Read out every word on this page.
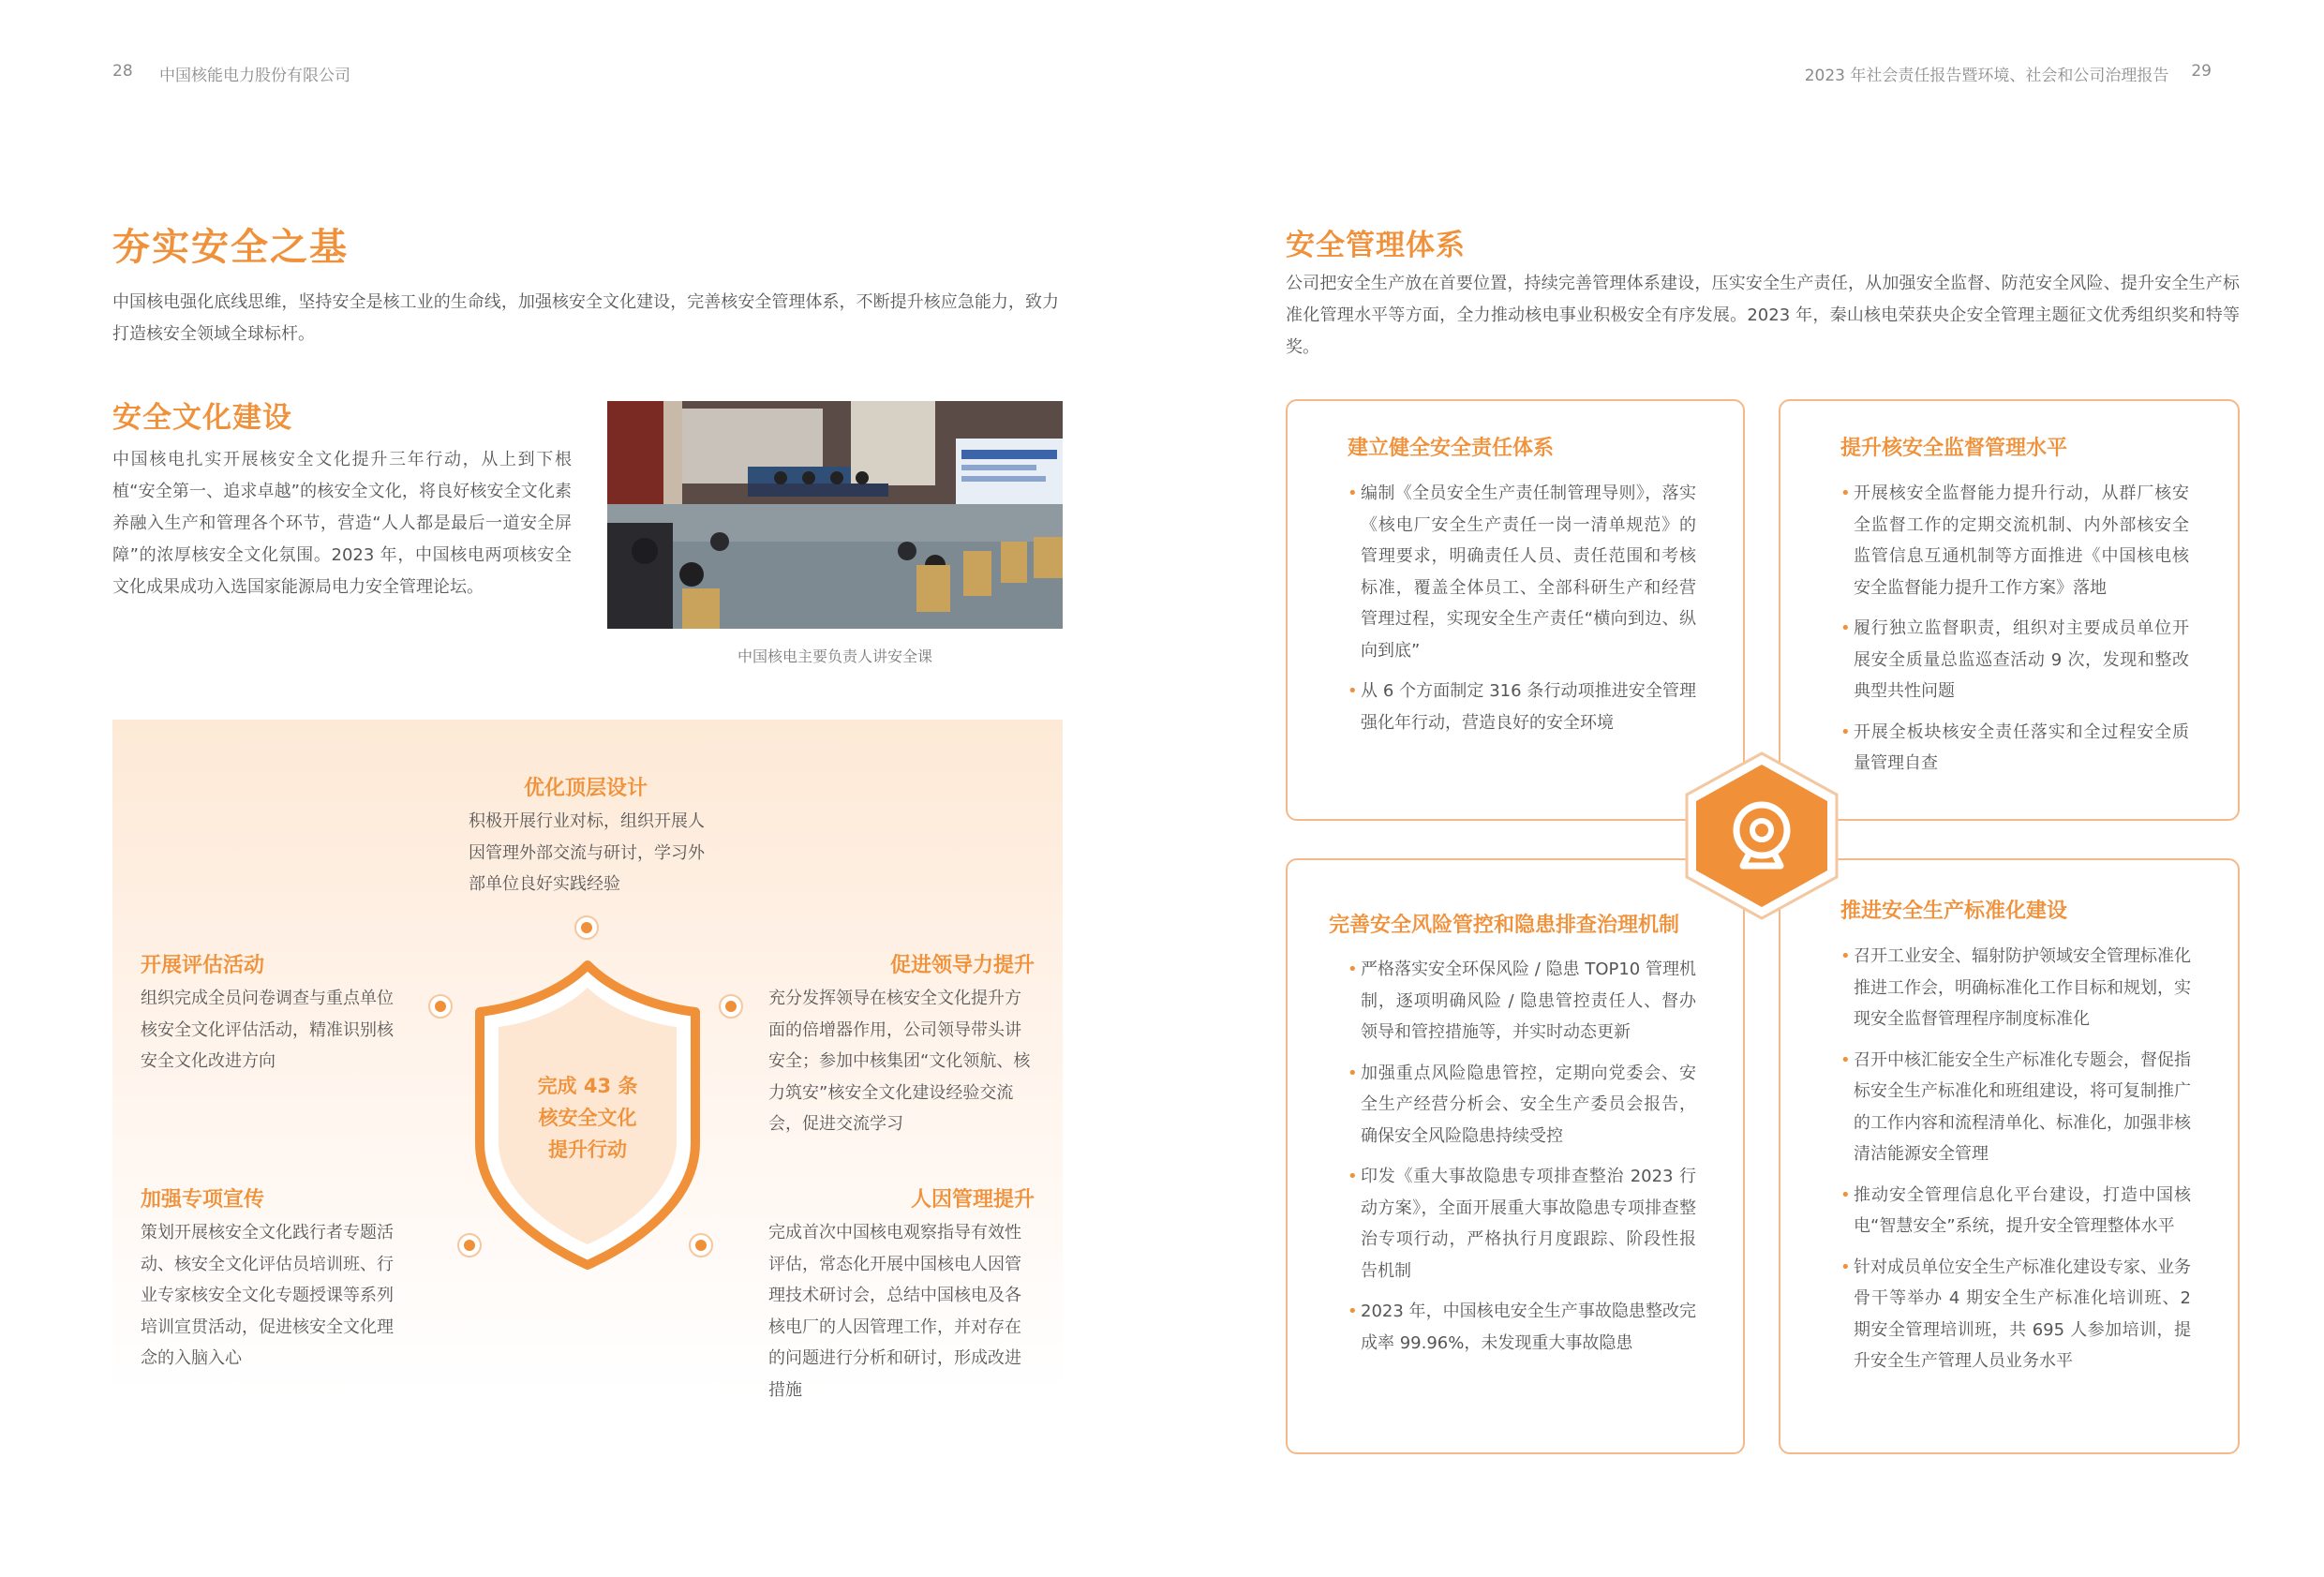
28 中国核能电力股份有限公司	2023 年社会责任报告暨环境、社会和公司治理报告 29
夯实安全之基
中国核电强化底线思维，坚持安全是核工业的生命线，加强核安全文化建设，完善核安全管理体系，不断提升核应急能力，致力打造核安全领域全球标杆。
安全文化建设
中国核电扎实开展核安全文化提升三年行动，从上到下根植“安全第一、追求卓越”的核安全文化，将良好核安全文化素养融入生产和管理各个环节，营造“人人都是最后一道安全屏障”的浓厚核安全文化氛围。2023 年，中国核电两项核安全文化成果成功入选国家能源局电力安全管理论坛。
中国核电主要负责人讲安全课
完成 43 条
核安全文化
提升行动
优化顶层设计
积极开展行业对标，组织开展人因管理外部交流与研讨，学习外部单位良好实践经验
开展评估活动
组织完成全员问卷调查与重点单位核安全文化评估活动，精准识别核安全文化改进方向
促进领导力提升
充分发挥领导在核安全文化提升方面的倍增器作用，公司领导带头讲安全；参加中核集团“文化领航、核力筑安”核安全文化建设经验交流会，促进交流学习
加强专项宣传
策划开展核安全文化践行者专题活动、核安全文化评估员培训班、行业专家核安全文化专题授课等系列培训宣贯活动，促进核安全文化理念的入脑入心
人因管理提升
完成首次中国核电观察指导有效性评估，常态化开展中国核电人因管理技术研讨会，总结中国核电及各核电厂的人因管理工作，并对存在的问题进行分析和研讨，形成改进措施
安全管理体系
公司把安全生产放在首要位置，持续完善管理体系建设，压实安全生产责任，从加强安全监督、防范安全风险、提升安全生产标准化管理水平等方面，全力推动核电事业积极安全有序发展。2023 年，秦山核电荣获央企安全管理主题征文优秀组织奖和特等奖。
建立健全安全责任体系
• 编制《全员安全生产责任制管理导则》，落实《核电厂安全生产责任一岗一清单规范》的管理要求，明确责任人员、责任范围和考核标准，覆盖全体员工、全部科研生产和经营管理过程，实现安全生产责任“横向到边、纵向到底”
• 从 6 个方面制定 316 条行动项推进安全管理强化年行动，营造良好的安全环境
提升核安全监督管理水平
• 开展核安全监督能力提升行动，从群厂核安全监督工作的定期交流机制、内外部核安全监管信息互通机制等方面推进《中国核电核安全监督能力提升工作方案》落地
• 履行独立监督职责，组织对主要成员单位开展安全质量总监巡查活动 9 次，发现和整改典型共性问题
• 开展全板块核安全责任落实和全过程安全质量管理自查
完善安全风险管控和隐患排查治理机制
• 严格落实安全环保风险 / 隐患 TOP10 管理机制，逐项明确风险 / 隐患管控责任人、督办领导和管控措施等，并实时动态更新
• 加强重点风险隐患管控，定期向党委会、安全生产经营分析会、安全生产委员会报告，确保安全风险隐患持续受控
• 印发《重大事故隐患专项排查整治 2023 行动方案》，全面开展重大事故隐患专项排查整治专项行动，严格执行月度跟踪、阶段性报告机制
• 2023 年，中国核电安全生产事故隐患整改完成率 99.96%，未发现重大事故隐患
推进安全生产标准化建设
• 召开工业安全、辐射防护领域安全管理标准化推进工作会，明确标准化工作目标和规划，实现安全监督管理程序制度标准化
• 召开中核汇能安全生产标准化专题会，督促指标安全生产标准化和班组建设，将可复制推广的工作内容和流程清单化、标准化，加强非核清洁能源安全管理
• 推动安全管理信息化平台建设，打造中国核电“智慧安全”系统，提升安全管理整体水平
• 针对成员单位安全生产标准化建设专家、业务骨干等举办 4 期安全生产标准化培训班、2 期安全管理培训班，共 695 人参加培训，提升安全生产管理人员业务水平
